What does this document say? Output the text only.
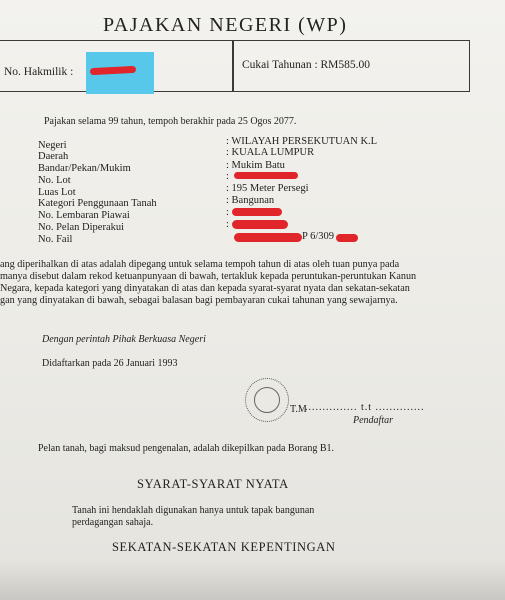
PAJAKAN NEGERI (WP)
No. Hakmilik :
Cukai Tahunan : RM585.00
Pajakan selama 99 tahun, tempoh berakhir pada 25 Ogos 2077.
Negeri	: WILAYAH PERSEKUTUAN K.L
Daerah	: KUALA LUMPUR
Bandar/Pekan/Mukim	: Mukim Batu
No. Lot	:
Luas Lot	: 195 Meter Persegi
Kategori Penggunaan Tanah	: Bangunan
No. Lembaran Piawai	:
No. Pelan Diperakui	:
No. Fail	P 6/309
ang diperihalkan di atas adalah dipegang untuk selama tempoh tahun di atas oleh tuan punya pada
manya disebut dalam rekod ketuanpunyaan di bawah, tertakluk kepada peruntukan-peruntukan Kanun
Negara, kepada kategori yang dinyatakan di atas dan kepada syarat-syarat nyata dan sekatan-sekatan
gan yang dinyatakan di bawah, sebagai balasan bagi pembayaran cukai tahunan yang sewajarnya.
Dengan perintah Pihak Berkuasa Negeri
Didaftarkan pada 26 Januari 1993
T.M
............... t.t ..............
Pendaftar
Pelan tanah, bagi maksud pengenalan, adalah dikepilkan pada Borang B1.
SYARAT-SYARAT NYATA
Tanah ini hendaklah digunakan hanya untuk tapak bangunan
perdagangan sahaja.
SEKATAN-SEKATAN KEPENTINGAN
